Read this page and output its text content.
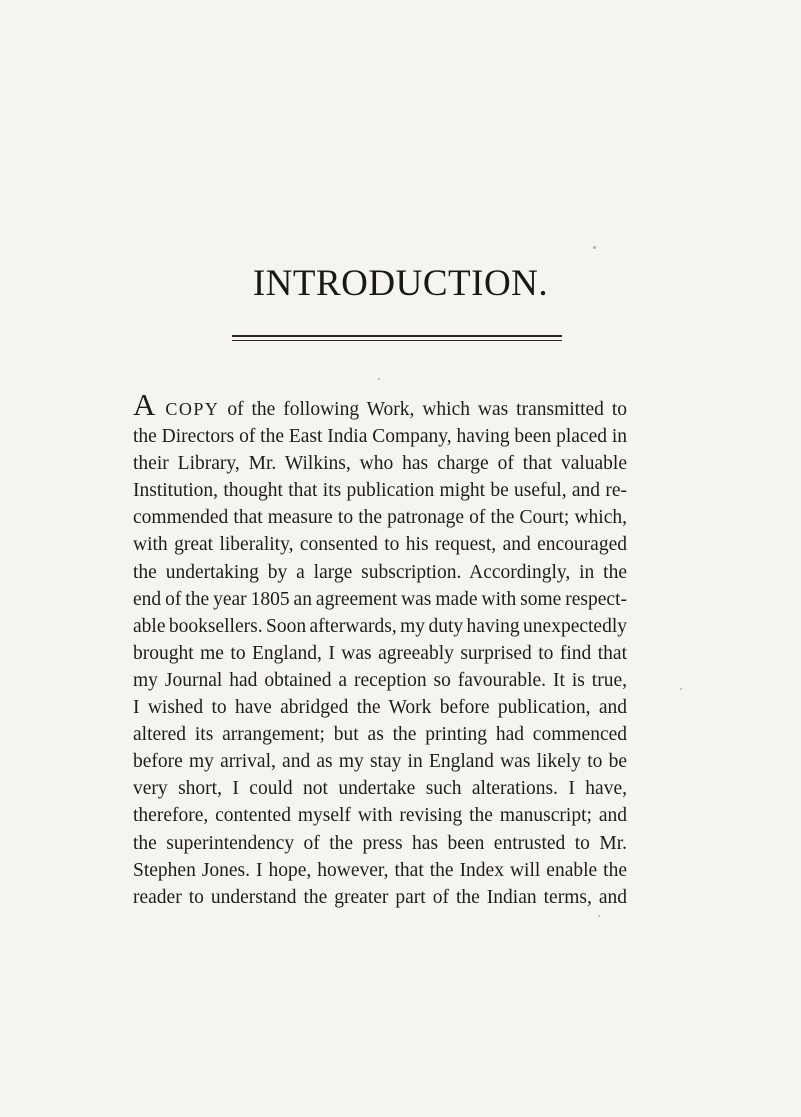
INTRODUCTION.
A COPY of the following Work, which was transmitted to
the Directors of the East India Company, having been placed in
their Library, Mr. Wilkins, who has charge of that valuable
Institution, thought that its publication might be useful, and re-
commended that measure to the patronage of the Court; which,
with great liberality, consented to his request, and encouraged
the undertaking by a large subscription. Accordingly, in the
end of the year 1805 an agreement was made with some respect-
able booksellers. Soon afterwards, my duty having unexpectedly
brought me to England, I was agreeably surprised to find that
my Journal had obtained a reception so favourable. It is true,
I wished to have abridged the Work before publication, and
altered its arrangement; but as the printing had commenced
before my arrival, and as my stay in England was likely to be
very short, I could not undertake such alterations. I have,
therefore, contented myself with revising the manuscript; and
the superintendency of the press has been entrusted to Mr.
Stephen Jones. I hope, however, that the Index will enable the
reader to understand the greater part of the Indian terms, and
